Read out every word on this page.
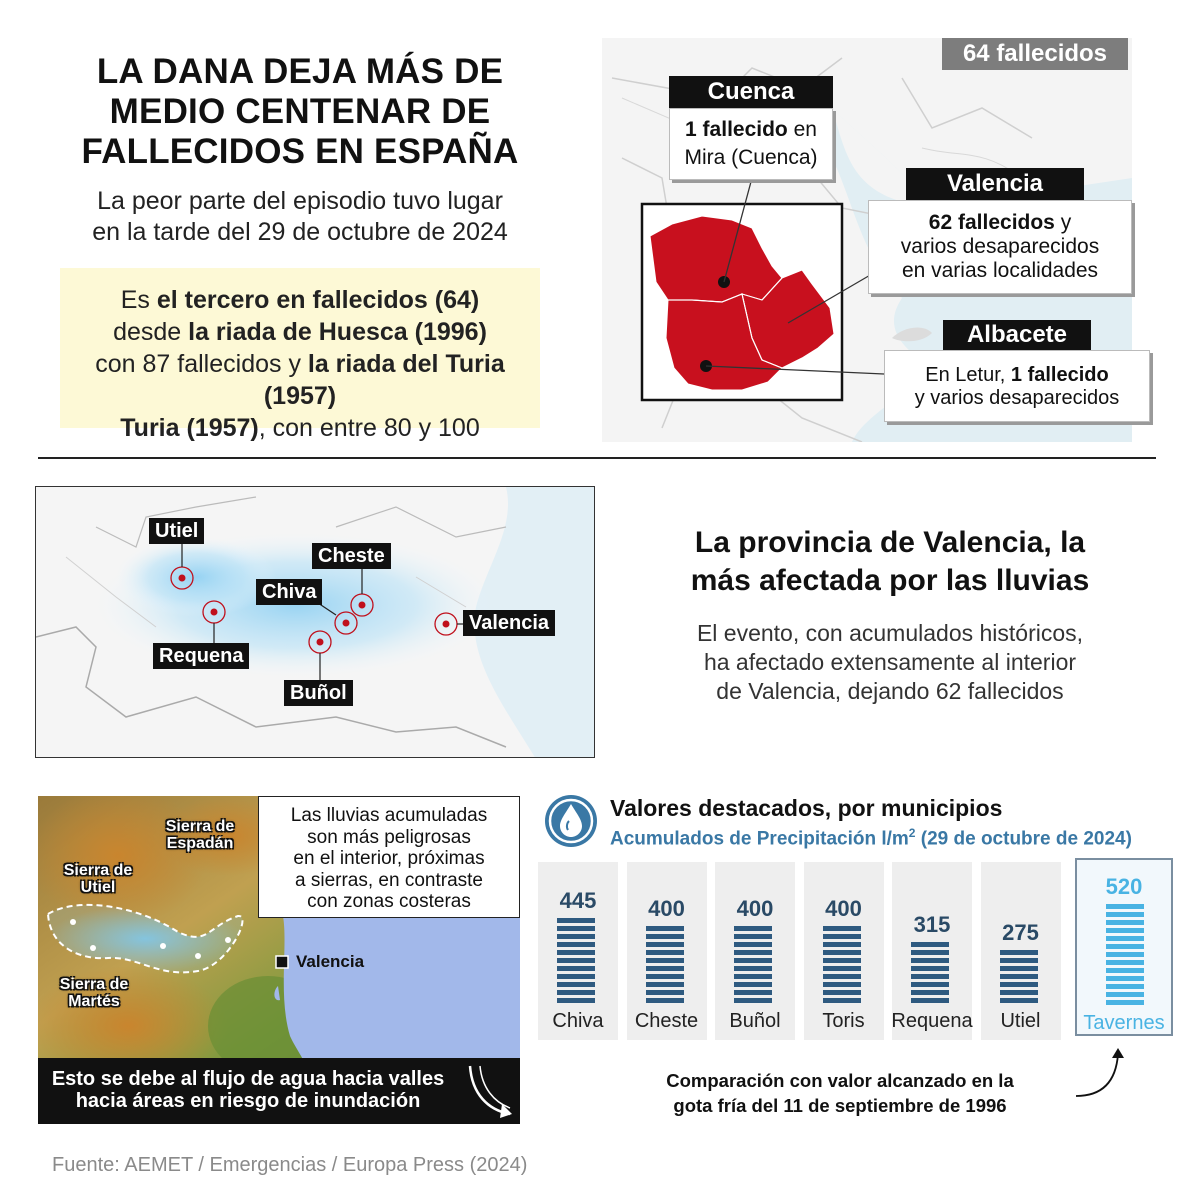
LA DANA DEJA MÁS DE
MEDIO CENTENAR DE
FALLECIDOS EN ESPAÑA
La peor parte del episodio tuvo lugar
en la tarde del 29 de octubre de 2024

Es el tercero en fallecidos (64)
desde la riada de Huesca (1996)
con 87 fallecidos y la riada del Turia (1957)
Turia (1957), con entre 80 y 100

64 fallecidos
Cuenca
1 fallecido en
Mira (Cuenca)
Valencia
62 fallecidos y
varios desaparecidos
en varias localidades
Albacete
En Letur, 1 fallecido
y varios desaparecidos
Utiel
Cheste
Chiva
Requena
Buñol
Valencia
La provincia de Valencia, la
más afectada por las lluvias
El evento, con acumulados históricos,
ha afectado extensamente al interior
de Valencia, dejando 62 fallecidos
Las lluvias acumuladas
son más peligrosas
en el interior, próximas
a sierras, en contraste
con zonas costeras
Sierra de
Espadán
Sierra de
Utiel
Sierra de
Martés
Valencia
Esto se debe al flujo de agua hacia valles
hacia áreas en riesgo de inundación
Valores destacados, por municipios
Acumulados de Precipitación $l/m^2$ (29 de octubre de 2024)
445
Chiva
400
Cheste
400
Buñol
400
Toris
315
Requena
275
Utiel
520
Tavernes
Comparación con valor alcanzado en la
gota fría del 11 de septiembre de 1996
Fuente: AEMET / Emergencias / Europa Press (2024)
